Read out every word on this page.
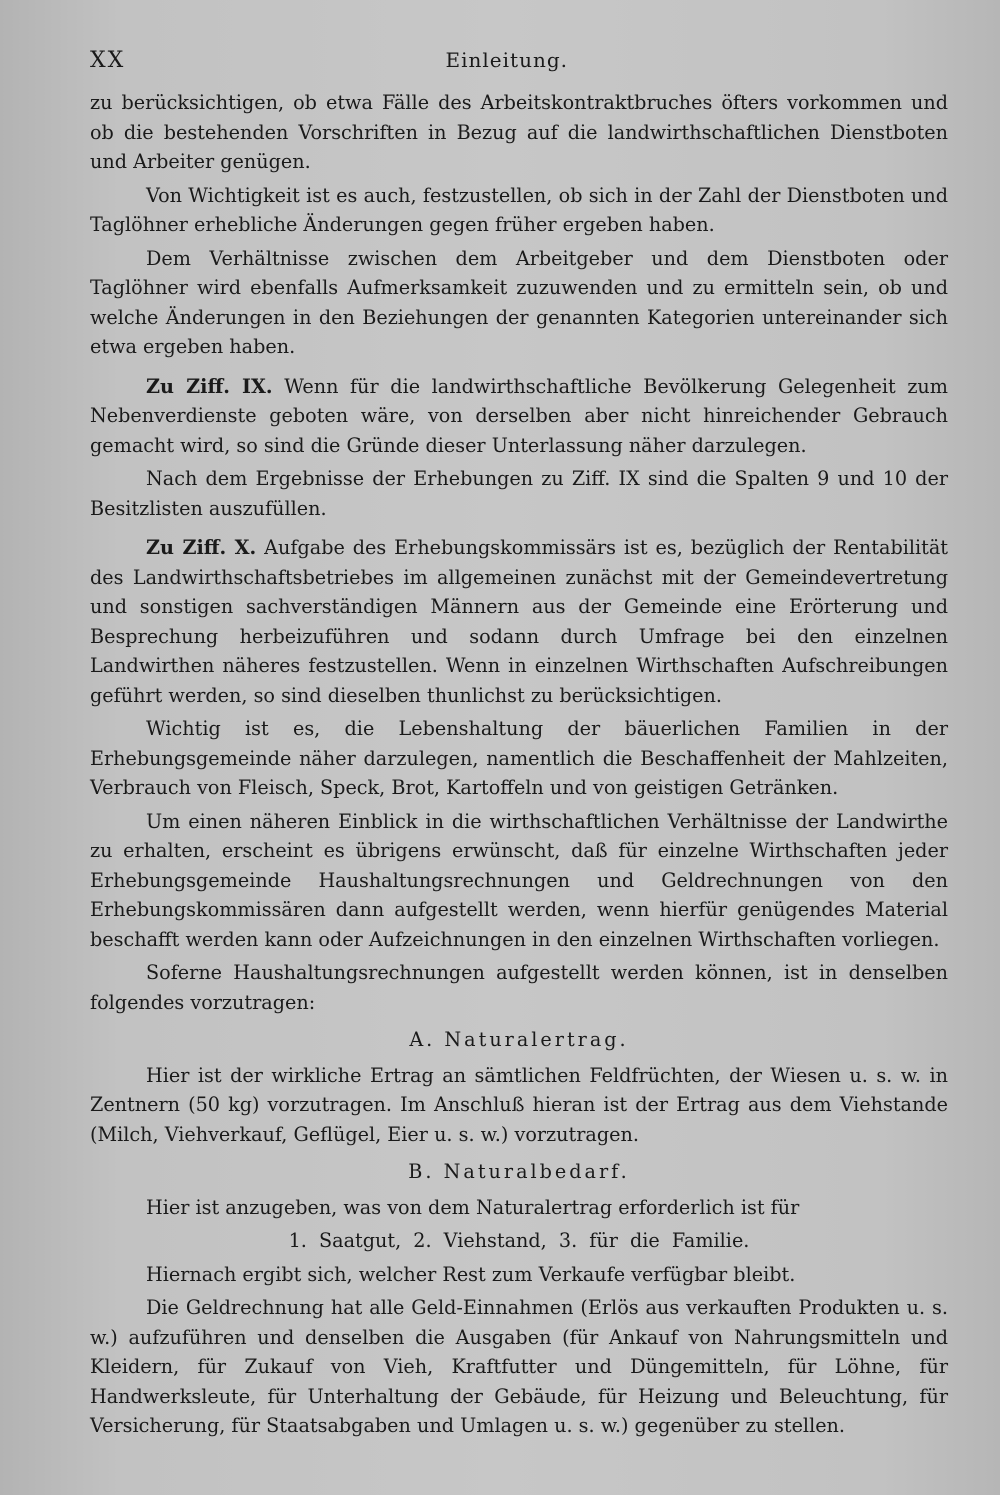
XX	Einleitung.

zu berücksichtigen, ob etwa Fälle des Arbeitskontraktbruches öfters vorkommen und ob die bestehenden Vorschriften in Bezug auf die landwirthschaftlichen Dienstboten und Arbeiter genügen.

Von Wichtigkeit ist es auch, festzustellen, ob sich in der Zahl der Dienstboten und Taglöhner erhebliche Änderungen gegen früher ergeben haben.

Dem Verhältnisse zwischen dem Arbeitgeber und dem Dienstboten oder Taglöhner wird ebenfalls Aufmerksamkeit zuzuwenden und zu ermitteln sein, ob und welche Änderungen in den Beziehungen der genannten Kategorien untereinander sich etwa ergeben haben.

Zu Ziff. IX. Wenn für die landwirthschaftliche Bevölkerung Gelegenheit zum Nebenverdienste geboten wäre, von derselben aber nicht hinreichender Gebrauch gemacht wird, so sind die Gründe dieser Unterlassung näher darzulegen.

Nach dem Ergebnisse der Erhebungen zu Ziff. IX sind die Spalten 9 und 10 der Besitzlisten auszufüllen.

Zu Ziff. X. Aufgabe des Erhebungskommissärs ist es, bezüglich der Rentabilität des Landwirthschaftsbetriebes im allgemeinen zunächst mit der Gemeindevertretung und sonstigen sachverständigen Männern aus der Gemeinde eine Erörterung und Besprechung herbeizuführen und sodann durch Umfrage bei den einzelnen Landwirthen näheres festzustellen. Wenn in einzelnen Wirthschaften Aufschreibungen geführt werden, so sind dieselben thunlichst zu berücksichtigen.

Wichtig ist es, die Lebenshaltung der bäuerlichen Familien in der Erhebungsgemeinde näher darzulegen, namentlich die Beschaffenheit der Mahlzeiten, Verbrauch von Fleisch, Speck, Brot, Kartoffeln und von geistigen Getränken.

Um einen näheren Einblick in die wirthschaftlichen Verhältnisse der Landwirthe zu erhalten, erscheint es übrigens erwünscht, daß für einzelne Wirthschaften jeder Erhebungsgemeinde Haushaltungsrechnungen und Geldrechnungen von den Erhebungskommissären dann aufgestellt werden, wenn hierfür genügendes Material beschafft werden kann oder Aufzeichnungen in den einzelnen Wirthschaften vorliegen.

Soferne Haushaltungsrechnungen aufgestellt werden können, ist in denselben folgendes vorzutragen:

A. Naturalertrag.

Hier ist der wirkliche Ertrag an sämtlichen Feldfrüchten, der Wiesen u. s. w. in Zentnern (50 kg) vorzutragen. Im Anschluß hieran ist der Ertrag aus dem Viehstande (Milch, Viehverkauf, Geflügel, Eier u. s. w.) vorzutragen.

B. Naturalbedarf.

Hier ist anzugeben, was von dem Naturalertrag erforderlich ist für

1. Saatgut, 2. Viehstand, 3. für die Familie.

Hiernach ergibt sich, welcher Rest zum Verkaufe verfügbar bleibt.

Die Geldrechnung hat alle Geld-Einnahmen (Erlös aus verkauften Produkten u. s. w.) aufzuführen und denselben die Ausgaben (für Ankauf von Nahrungsmitteln und Kleidern, für Zukauf von Vieh, Kraftfutter und Düngemitteln, für Löhne, für Handwerksleute, für Unterhaltung der Gebäude, für Heizung und Beleuchtung, für Versicherung, für Staatsabgaben und Umlagen u. s. w.) gegenüber zu stellen.
